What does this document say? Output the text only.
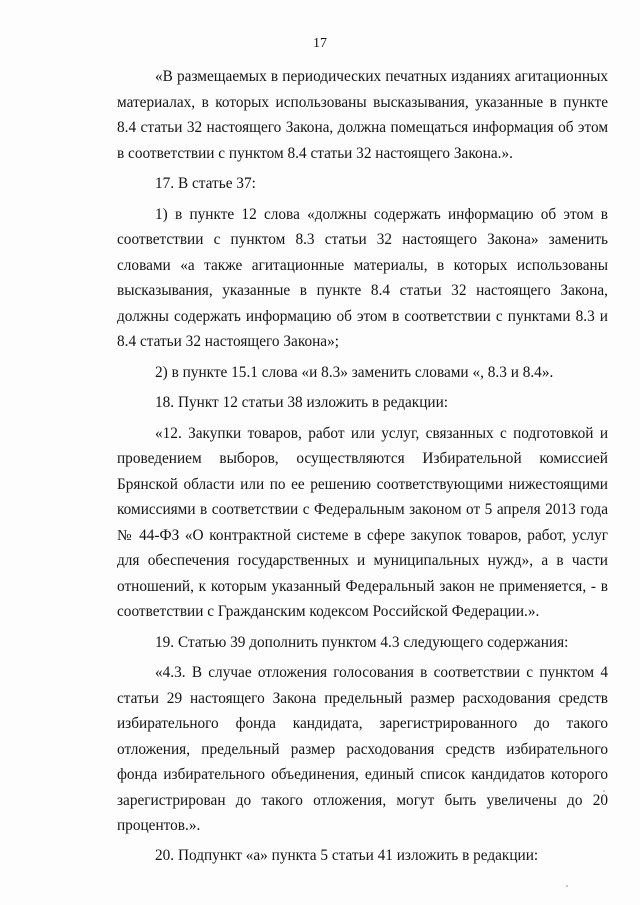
17

«В размещаемых в периодических печатных изданиях агитационных материалах, в которых использованы высказывания, указанные в пункте 8.4 статьи 32 настоящего Закона, должна помещаться информация об этом в соответствии с пунктом 8.4 статьи 32 настоящего Закона.».

17. В статье 37:

1) в пункте 12 слова «должны содержать информацию об этом в соответствии с пунктом 8.3 статьи 32 настоящего Закона» заменить словами «а также агитационные материалы, в которых использованы высказывания, указанные в пункте 8.4 статьи 32 настоящего Закона, должны содержать информацию об этом в соответствии с пунктами 8.3 и 8.4 статьи 32 настоящего Закона»;

2) в пункте 15.1 слова «и 8.3» заменить словами «, 8.3 и 8.4».

18. Пункт 12 статьи 38 изложить в редакции:

«12. Закупки товаров, работ или услуг, связанных с подготовкой и проведением выборов, осуществляются Избирательной комиссией Брянской области или по ее решению соответствующими нижестоящими комиссиями в соответствии с Федеральным законом от 5 апреля 2013 года № 44-ФЗ «О контрактной системе в сфере закупок товаров, работ, услуг для обеспечения государственных и муниципальных нужд», а в части отношений, к которым указанный Федеральный закон не применяется, - в соответствии с Гражданским кодексом Российской Федерации.».

19. Статью 39 дополнить пунктом 4.3 следующего содержания:

«4.3. В случае отложения голосования в соответствии с пунктом 4 статьи 29 настоящего Закона предельный размер расходования средств избирательного фонда кандидата, зарегистрированного до такого отложения, предельный размер расходования средств избирательного фонда избирательного объединения, единый список кандидатов которого зарегистрирован до такого отложения, могут быть увеличены до 20 процентов.».

20. Подпункт «а» пункта 5 статьи 41 изложить в редакции:
